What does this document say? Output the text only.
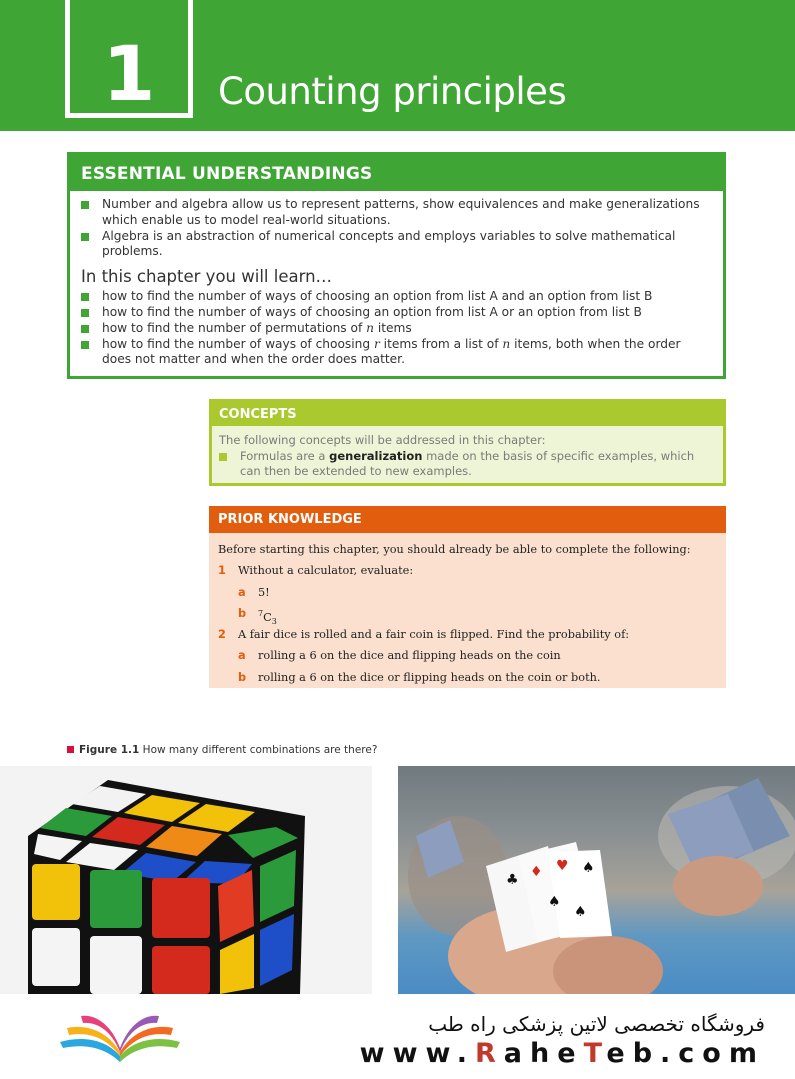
1	Counting principles
ESSENTIAL UNDERSTANDINGS
Number and algebra allow us to represent patterns, show equivalences and make generalizations which enable us to model real-world situations.
Algebra is an abstraction of numerical concepts and employs variables to solve mathematical problems.
In this chapter you will learn…
how to find the number of ways of choosing an option from list A and an option from list B
how to find the number of ways of choosing an option from list A or an option from list B
how to find the number of permutations of n items
how to find the number of ways of choosing r items from a list of n items, both when the order does not matter and when the order does matter.
CONCEPTS
The following concepts will be addressed in this chapter:
Formulas are a generalization made on the basis of specific examples, which can then be extended to new examples.
PRIOR KNOWLEDGE
Before starting this chapter, you should already be able to complete the following:
1 Without a calculator, evaluate:
a 5!
b $^7C_3$
2 A fair dice is rolled and a fair coin is flipped. Find the probability of:
a rolling a 6 on the dice and flipping heads on the coin
b rolling a 6 on the dice or flipping heads on the coin or both.
Figure 1.1 How many different combinations are there?
♣ ♦ ♥ ♠
♠
♠
فروشگاه تخصصی لاتین پزشکی راه طب
www.RaheTeb.com
